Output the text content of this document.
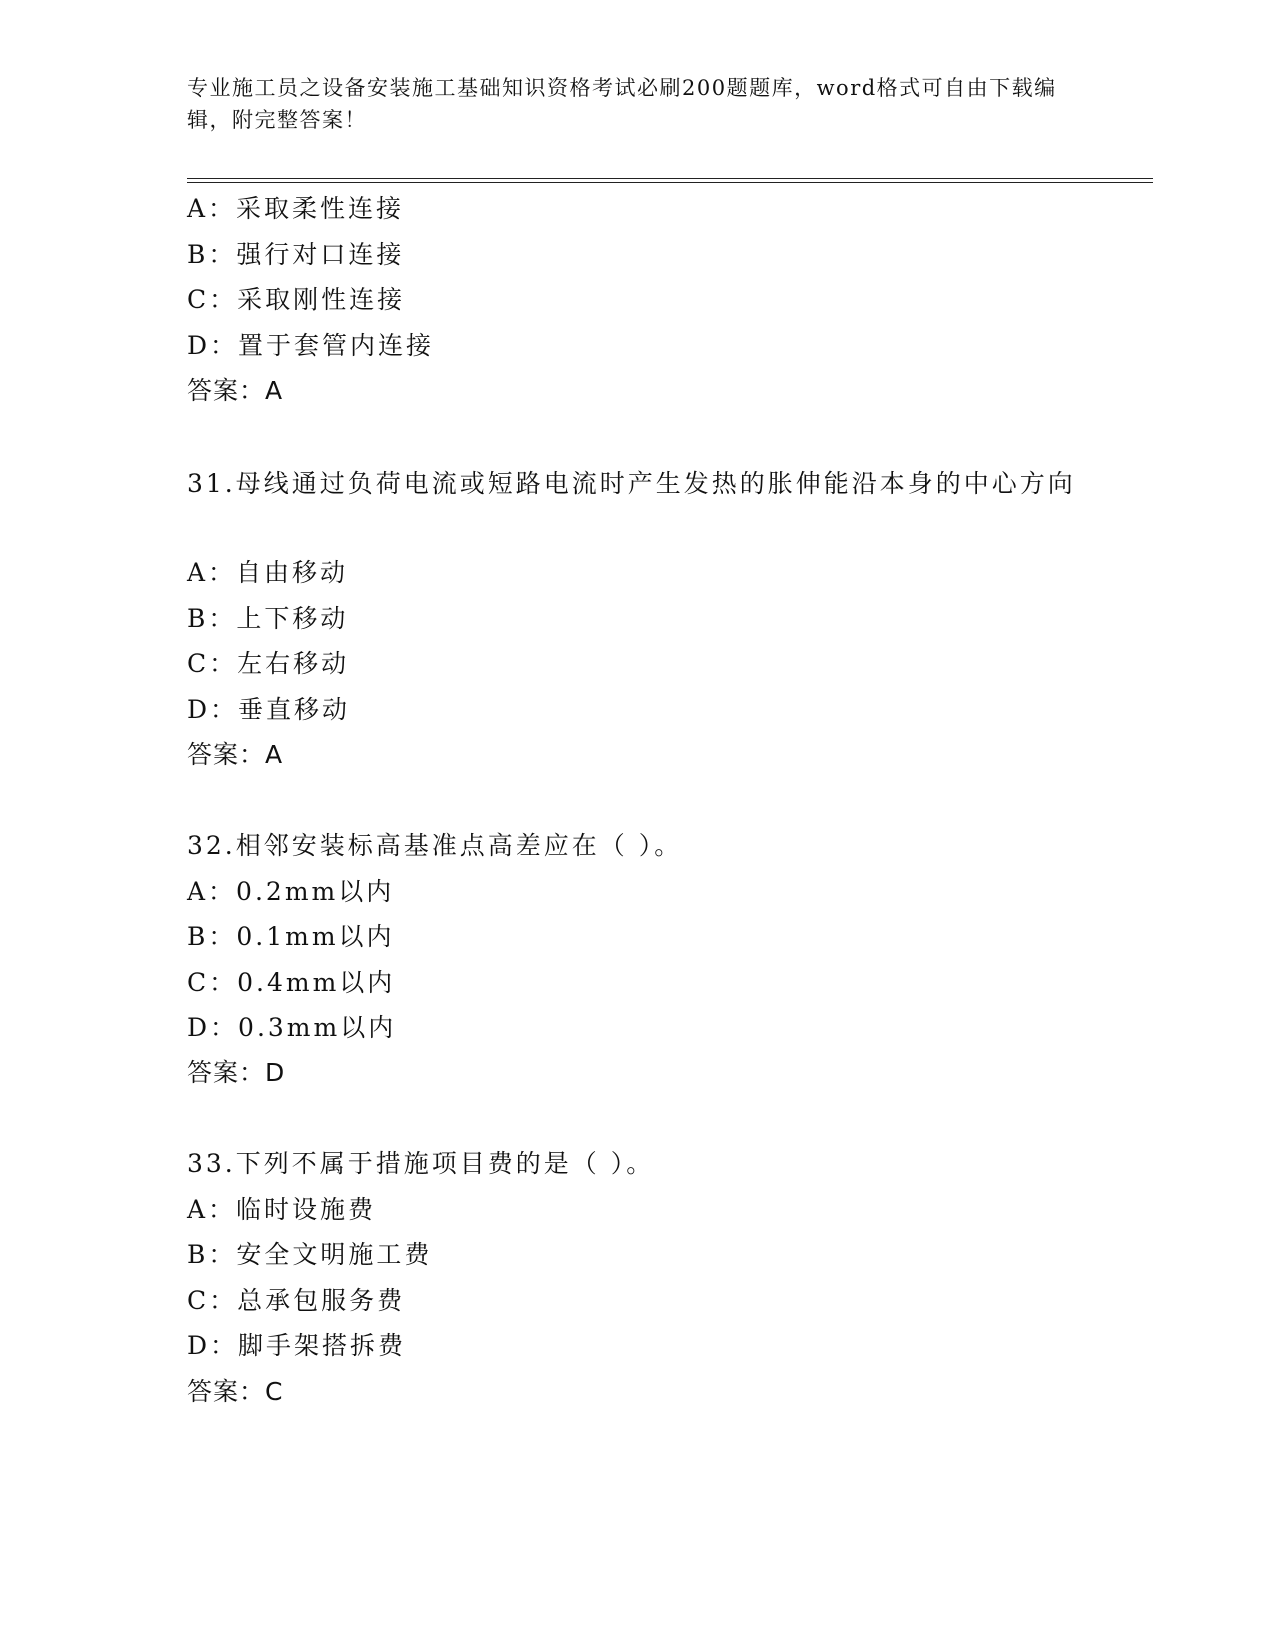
专业施工员之设备安装施工基础知识资格考试必刷200题题库，word格式可自由下载编辑，附完整答案！
A：采取柔性连接
B：强行对口连接
C：采取刚性连接
D：置于套管内连接
答案：A
31.母线通过负荷电流或短路电流时产生发热的胀伸能沿本身的中心方向
A：自由移动
B：上下移动
C：左右移动
D：垂直移动
答案：A
32.相邻安装标高基准点高差应在（ ）。
A：0.2mm以内
B：0.1mm以内
C：0.4mm以内
D：0.3mm以内
答案：D
33.下列不属于措施项目费的是（ ）。
A：临时设施费
B：安全文明施工费
C：总承包服务费
D：脚手架搭拆费
答案：C
